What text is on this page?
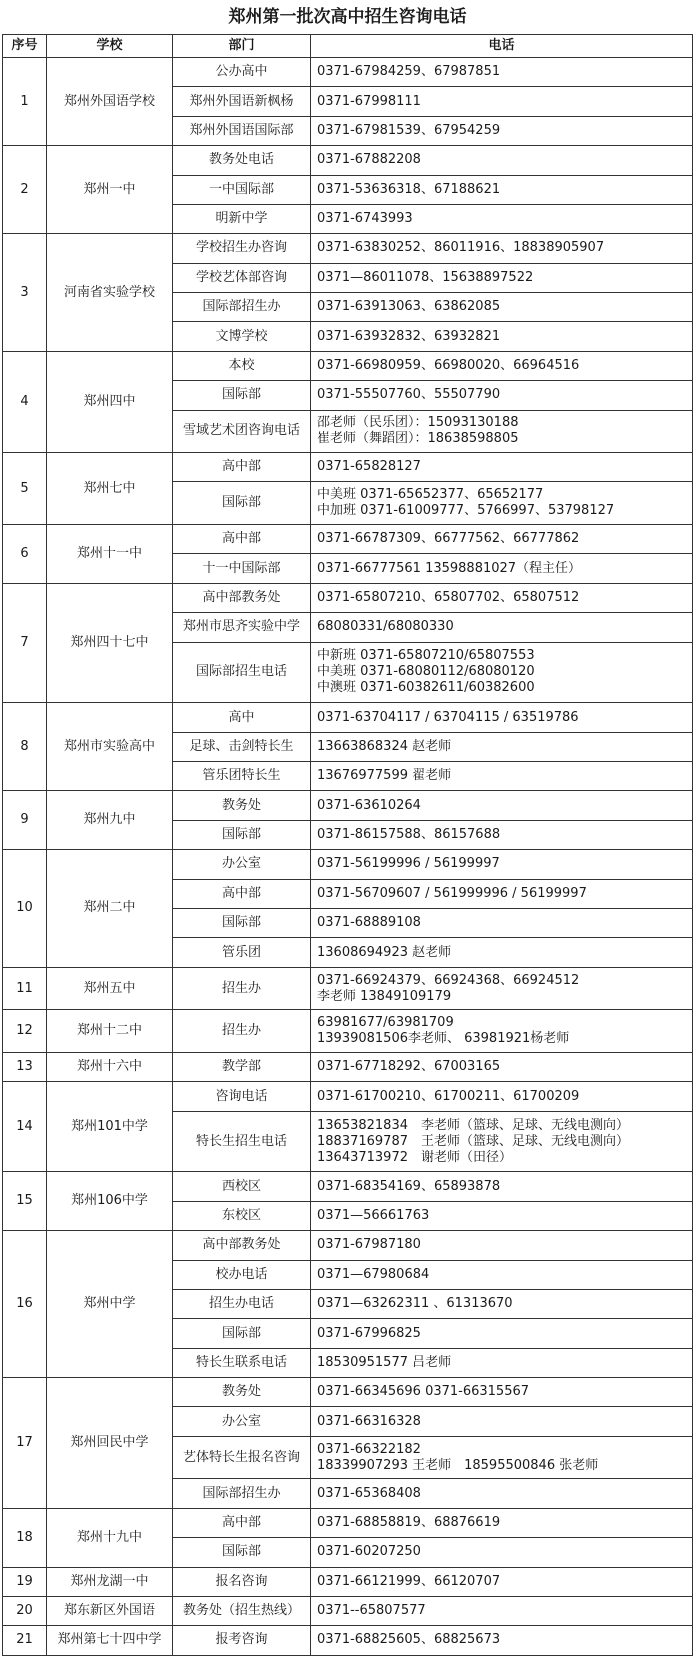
郑州第一批次高中招生咨询电话
序号	学校	部门	电话
1	郑州外国语学校	公办高中	0371-67984259、67987851

		郑州外国语新枫杨	0371-67998111

		郑州外国语国际部	0371-67981539、67954259

2	郑州一中	教务处电话	0371-67882208

		一中国际部	0371-53636318、67188621

		明新中学	0371-6743993

3	河南省实验学校	学校招生办咨询	0371-63830252、86011916、18838905907

		学校艺体部咨询	0371—86011078、15638897522

		国际部招生办	0371-63913063、63862085

		文博学校	0371-63932832、63932821

4	郑州四中	本校	0371-66980959、66980020、66964516

		国际部	0371-55507760、55507790

		雪域艺术团咨询电话	邵老师（民乐团）：15093130188
崔老师（舞蹈团）：18638598805

5	郑州七中	高中部	0371-65828127

		国际部	中美班 0371-65652377、65652177
中加班 0371-61009777、5766997、53798127

6	郑州十一中	高中部	0371-66787309、66777562、66777862

		十一中国际部	0371-66777561 13598881027（程主任）

7	郑州四十七中	高中部教务处	0371-65807210、65807702、65807512

		郑州市思齐实验中学	68080331/68080330

		国际部招生电话	中新班 0371-65807210/65807553
中美班 0371-68080112/68080120
中澳班 0371-60382611/60382600

8	郑州市实验高中	高中	0371-63704117 / 63704115 / 63519786

		足球、击剑特长生	13663868324 赵老师

		管乐团特长生	13676977599 翟老师

9	郑州九中	教务处	0371-63610264

		国际部	0371-86157588、86157688

10	郑州二中	办公室	0371-56199996 / 56199997

		高中部	0371-56709607 / 561999996 / 56199997

		国际部	0371-68889108

		管乐团	13608694923 赵老师

11	郑州五中	招生办	0371-66924379、66924368、66924512
李老师 13849109179

12	郑州十二中	招生办	63981677/63981709
13939081506李老师、 63981921杨老师

13	郑州十六中	教学部	0371-67718292、67003165

14	郑州101中学	咨询电话	0371-61700210、61700211、61700209

		特长生招生电话	13653821834　李老师（篮球、足球、无线电测向）
18837169787　王老师（篮球、足球、无线电测向）
13643713972　谢老师（田径）

15	郑州106中学	西校区	0371-68354169、65893878

		东校区	0371—56661763

16	郑州中学	高中部教务处	0371-67987180

		校办电话	0371—67980684

		招生办电话	0371—63262311 、61313670

		国际部	0371-67996825

		特长生联系电话	18530951577 吕老师

17	郑州回民中学	教务处	0371-66345696 0371-66315567

		办公室	0371-66316328

		艺体特长生报名咨询	0371-66322182
18339907293 王老师　18595500846 张老师

		国际部招生办	0371-65368408

18	郑州十九中	高中部	0371-68858819、68876619

		国际部	0371-60207250

19	郑州龙湖一中	报名咨询	0371-66121999、66120707

20	郑东新区外国语	教务处（招生热线）	0371--65807577

21	郑州第七十四中学	报考咨询	0371-68825605、68825673
